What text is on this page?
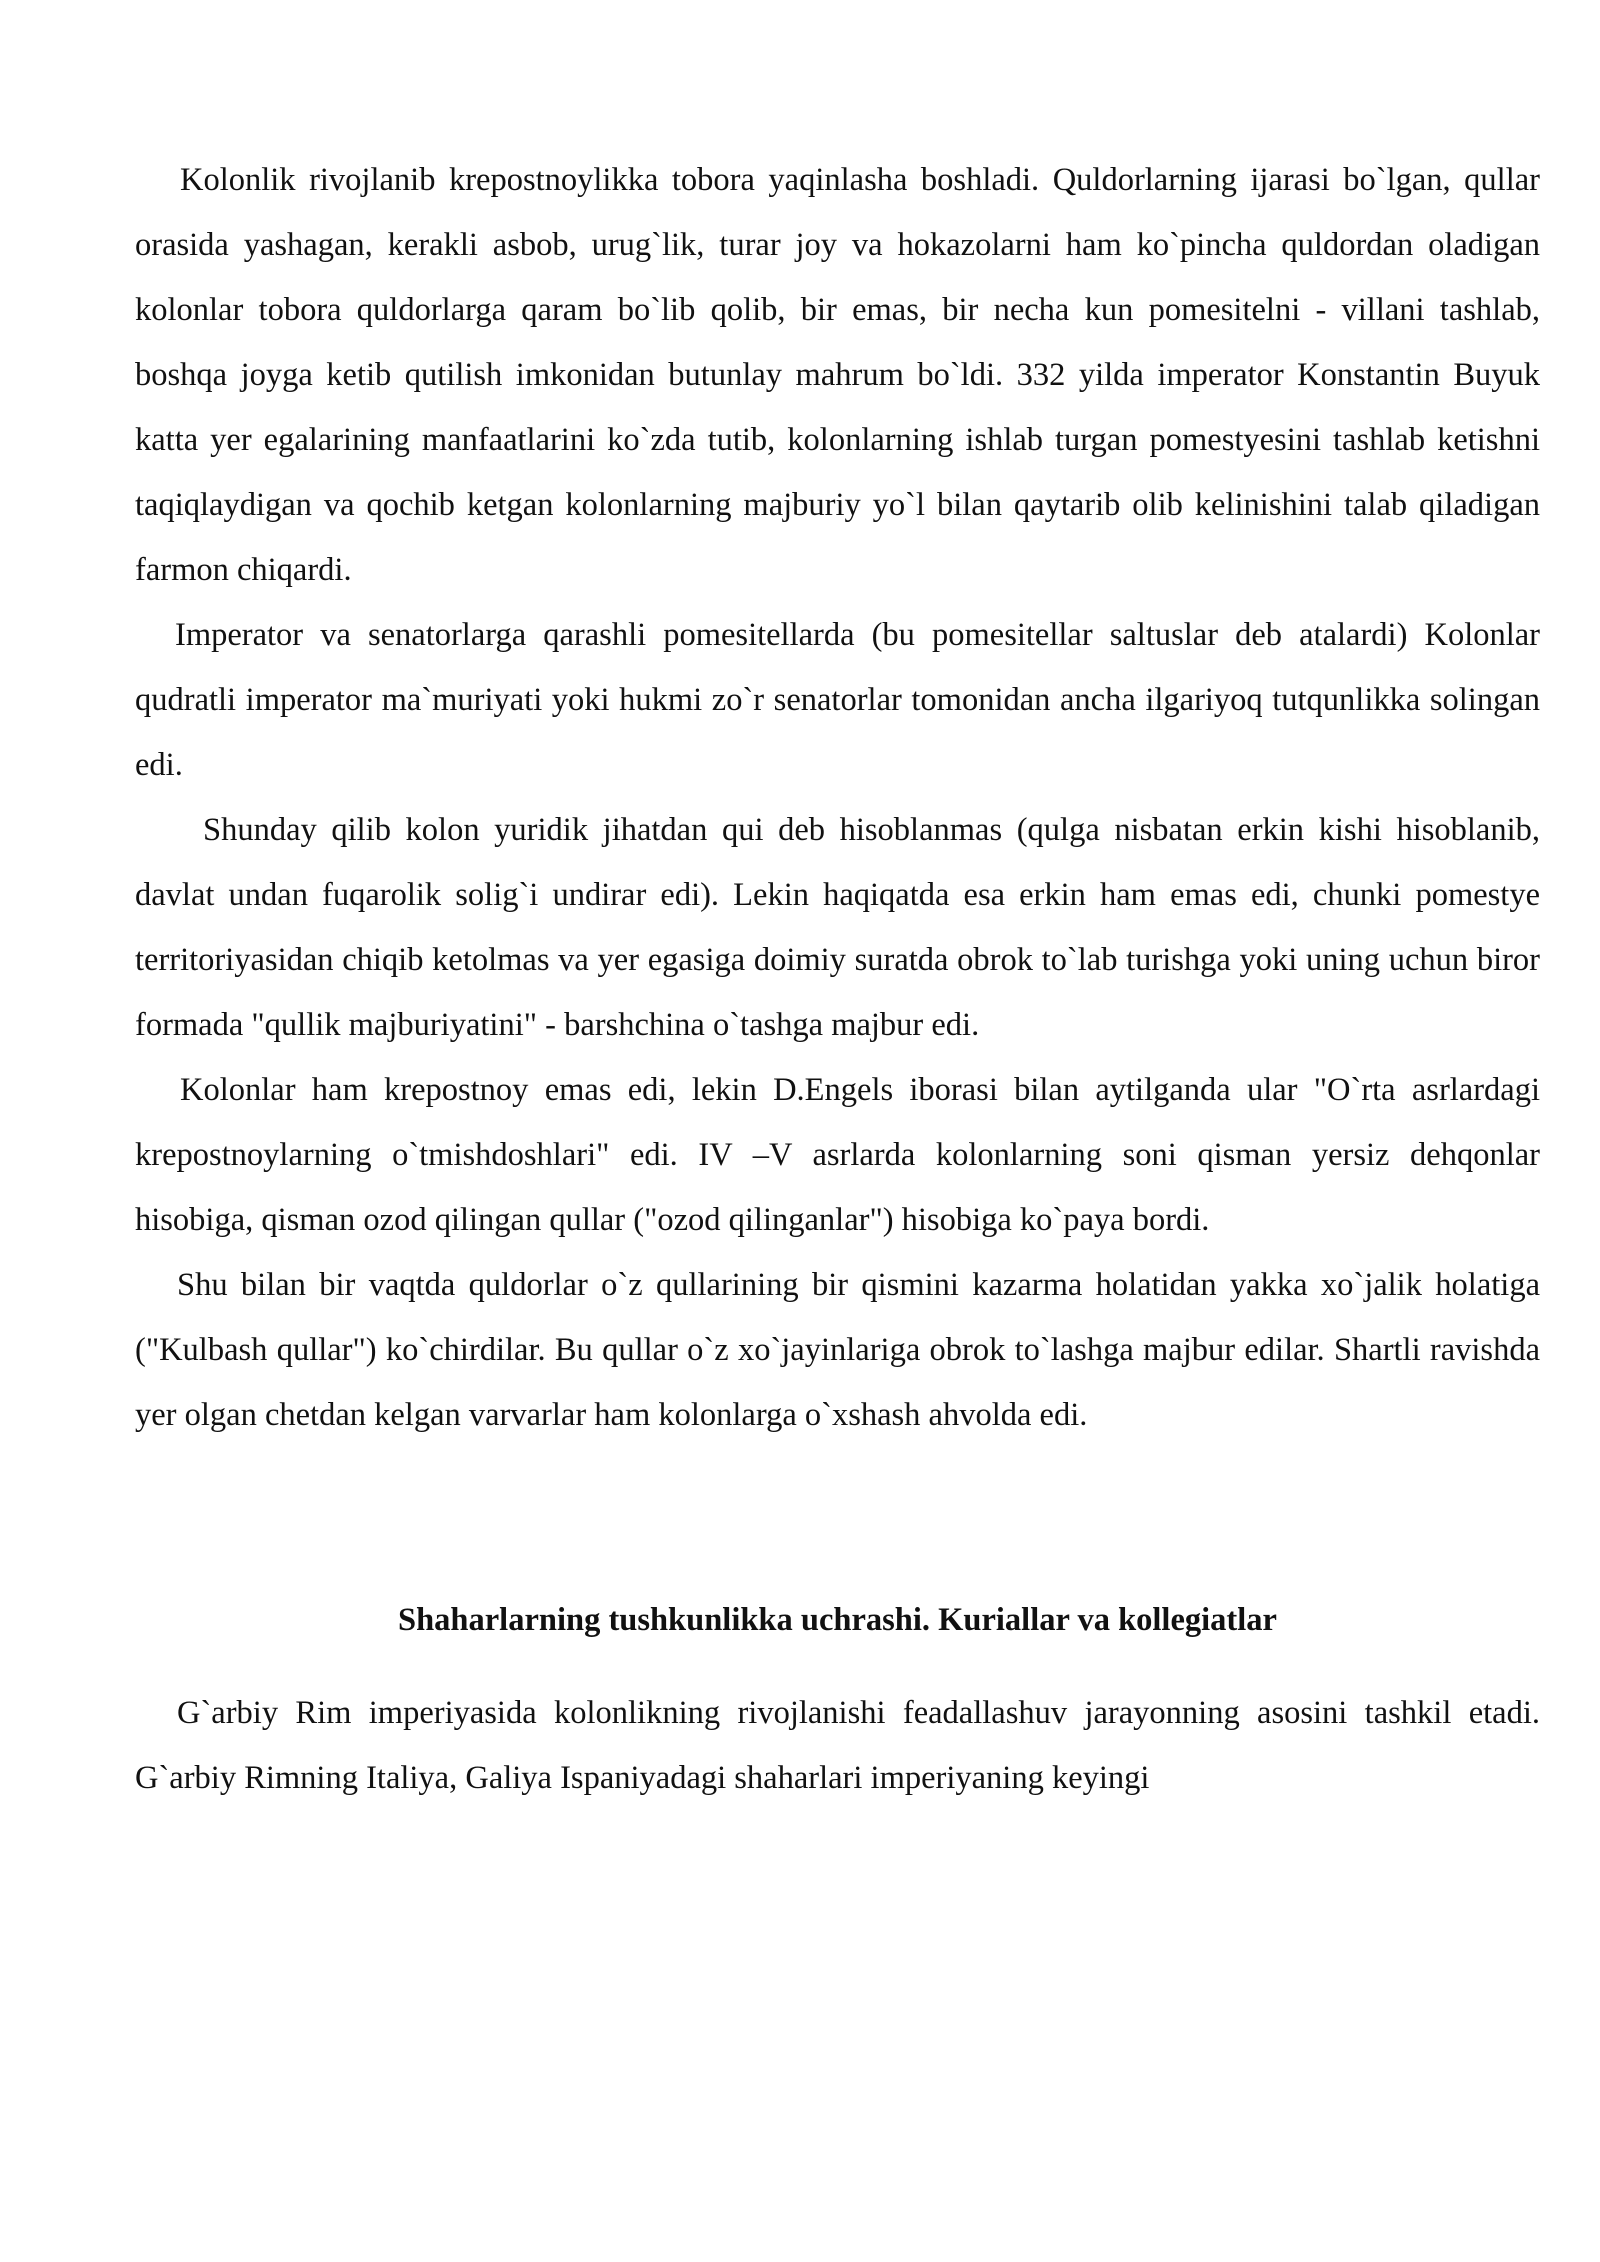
Kolonlik rivojlanib krepostnoylikka tobora yaqinlasha boshladi. Quldorlarning ijarasi bo`lgan, qullar orasida yashagan, kerakli asbob, urug`lik, turar joy va hokazolarni ham ko`pincha quldordan oladigan kolonlar tobora quldorlarga qaram bo`lib qolib, bir emas, bir necha kun pomesitelni - villani tashlab, boshqa joyga ketib qutilish imkonidan butunlay mahrum bo`ldi. 332 yilda imperator Konstantin Buyuk katta yer egalarining manfaatlarini ko`zda tutib, kolonlarning ishlab turgan pomestyesini tashlab ketishni taqiqlaydigan va qochib ketgan kolonlarning majburiy yo`l bilan qaytarib olib kelinishini talab qiladigan farmon chiqardi.

Imperator va senatorlarga qarashli pomesitellarda (bu pomesitellar saltuslar deb atalardi) Kolonlar qudratli imperator ma`muriyati yoki hukmi zo`r senatorlar tomonidan ancha ilgariyoq tutqunlikka solingan edi.

Shunday qilib kolon yuridik jihatdan qui deb hisoblanmas (qulga nisbatan erkin kishi hisoblanib, davlat undan fuqarolik solig`i undirar edi). Lekin haqiqatda esa erkin ham emas edi, chunki pomestye territoriyasidan chiqib ketolmas va yer egasiga doimiy suratda obrok to`lab turishga yoki uning uchun biror formada "qullik majburiyatini" - barshchina o`tashga majbur edi.

Kolonlar ham krepostnoy emas edi, lekin D.Engels iborasi bilan aytilganda ular "O`rta asrlardagi krepostnoylarning o`tmishdoshlari" edi. IV –V asrlarda kolonlarning soni qisman yersiz dehqonlar hisobiga, qisman ozod qilingan qullar ("ozod qilinganlar") hisobiga ko`paya bordi.

Shu bilan bir vaqtda quldorlar o`z qullarining bir qismini kazarma holatidan yakka xo`jalik holatiga ("Kulbash qullar") ko`chirdilar. Bu qullar o`z xo`jayinlariga obrok to`lashga majbur edilar. Shartli ravishda yer olgan chetdan kelgan varvarlar ham kolonlarga o`xshash ahvolda edi.

Shaharlarning tushkunlikka uchrashi. Kuriallar va kollegiatlar

G`arbiy Rim imperiyasida kolonlikning rivojlanishi feadallashuv jarayonning asosini tashkil etadi. G`arbiy Rimning Italiya, Galiya Ispaniyadagi shaharlari imperiyaning keyingi
